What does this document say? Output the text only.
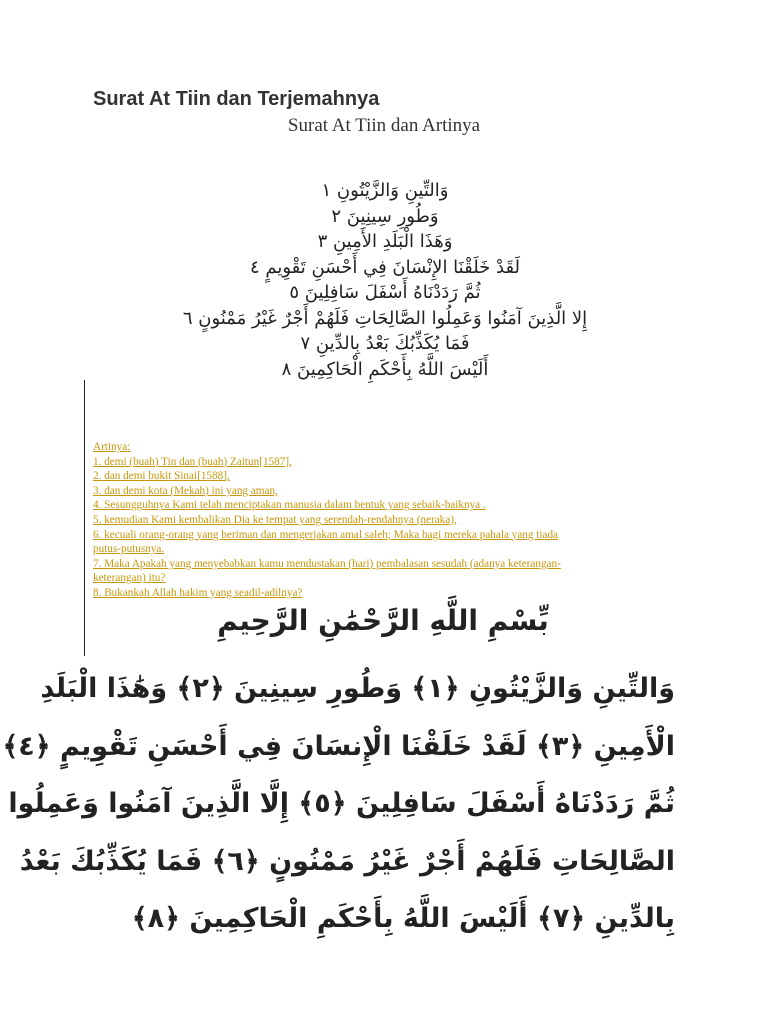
Surat At Tiin dan Terjemahnya
Surat At Tiin dan Artinya
وَالتِّينِ وَالزَّيْتُونِ ١
وَطُورِ سِينِينَ ٢
وَهَذَا الْبَلَدِ الأَمِينِ ٣
لَقَدْ خَلَقْنَا الإِنْسَانَ فِي أَحْسَنِ تَقْوِيمٍ ٤
ثُمَّ رَدَدْنَاهُ أَسْفَلَ سَافِلِينَ ٥
إِلا الَّذِينَ آمَنُوا وَعَمِلُوا الصَّالِحَاتِ فَلَهُمْ أَجْرٌ غَيْرُ مَمْنُونٍ ٦
فَمَا يُكَذِّبُكَ بَعْدُ بِالدِّينِ ٧
أَلَيْسَ اللَّهُ بِأَحْكَمِ الْحَاكِمِينَ ٨
Artinya:
1. demi (buah) Tin dan (buah) Zaitun[1587],
2. dan demi bukit Sinai[1588],
3. dan demi kota (Mekah) ini yang aman,
4. Sesungguhnya Kami telah menciptakan manusia dalam bentuk yang sebaik-baiknya .
5. kemudian Kami kembalikan Dia ke tempat yang serendah-rendahnya (neraka),
6. kecuali orang-orang yang beriman dan mengerjakan amal saleh; Maka bagi mereka pahala yang tiada
putus-putusnya.
7. Maka Apakah yang menyebabkan kamu mendustakan (hari) pembalasan sesudah (adanya keterangan-
keterangan) itu?
8. Bukankah Allah hakim yang seadil-adilnya?
بِّسْمِ اللَّهِ الرَّحْمَٰنِ الرَّحِيمِ
وَالتِّينِ وَالزَّيْتُونِ ﴿١﴾ وَطُورِ سِينِينَ ﴿٢﴾ وَهَٰذَا الْبَلَدِ
الْأَمِينِ ﴿٣﴾ لَقَدْ خَلَقْنَا الْإِنسَانَ فِي أَحْسَنِ تَقْوِيمٍ ﴿٤﴾
ثُمَّ رَدَدْنَاهُ أَسْفَلَ سَافِلِينَ ﴿٥﴾ إِلَّا الَّذِينَ آمَنُوا وَعَمِلُوا
الصَّالِحَاتِ فَلَهُمْ أَجْرٌ غَيْرُ مَمْنُونٍ ﴿٦﴾ فَمَا يُكَذِّبُكَ بَعْدُ
بِالدِّينِ ﴿٧﴾ أَلَيْسَ اللَّهُ بِأَحْكَمِ الْحَاكِمِينَ ﴿٨﴾
